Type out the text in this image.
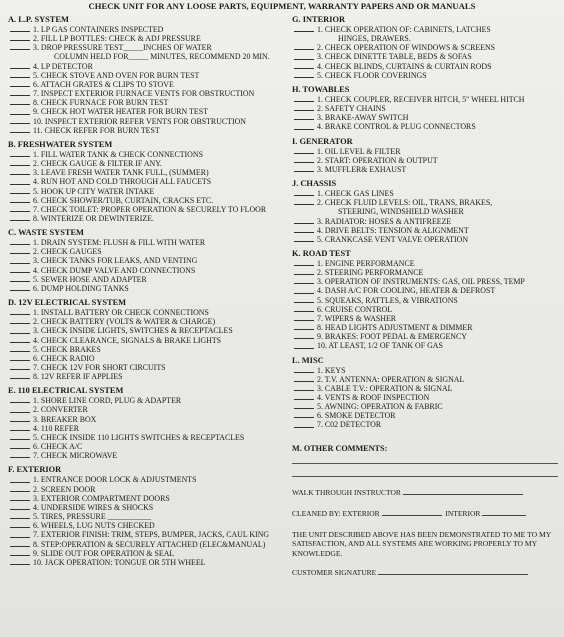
CHECK UNIT FOR ANY LOOSE PARTS, EQUIPMENT, WARRANTY PAPERS AND OR MANUALS
A. L.P. SYSTEM
1. LP GAS CONTAINERS INSPECTED
2. FILL LP BOTTLES: CHECK & ADJ PRESSURE
3. DROP PRESSURE TEST_____INCHES OF WATER
COLUMN HELD FOR_____ MINUTES, RECOMMEND 20 MIN.
4. LP DETECTOR
5. CHECK STOVE AND OVEN FOR BURN TEST
6. ATTACH GRATES & CLIPS TO STOVE
7. INSPECT EXTERIOR FURNACE VENTS FOR OBSTRUCTION
8. CHECK FURNACE FOR BURN TEST
9. CHECK HOT WATER HEATER FOR BURN TEST
10. INSPECT EXTERIOR REFER VENTS FOR OBSTRUCTION
11. CHECK REFER FOR BURN TEST
B. FRESHWATER SYSTEM
1. FILL WATER TANK & CHECK CONNECTIONS
2. CHECK GAUGE & FILTER IF ANY.
3. LEAVE FRESH WATER TANK FULL, (SUMMER)
4. RUN HOT AND COLD THROUGH ALL FAUCETS
5. HOOK UP CITY WATER INTAKE
6. CHECK SHOWER/TUB, CURTAIN, CRACKS ETC.
7. CHECK TOILET: PROPER OPERATION & SECURELY TO FLOOR
8. WINTERIZE OR DEWINTERIZE.
C. WASTE SYSTEM
1. DRAIN SYSTEM: FLUSH & FILL WITH WATER
2. CHECK GAUGES
3. CHECK TANKS FOR LEAKS, AND VENTING
4. CHECK DUMP VALVE AND CONNECTIONS
5. SEWER HOSE AND ADAPTER
6. DUMP HOLDING TANKS
D. 12V ELECTRICAL SYSTEM
1. INSTALL BATTERY OR CHECK CONNECTIONS
2. CHECK BATTERY (VOLTS & WATER & CHARGE)
3. CHECK INSIDE LIGHTS, SWITCHES & RECEPTACLES
4. CHECK CLEARANCE, SIGNALS & BRAKE LIGHTS
5. CHECK BRAKES
6. CHECK RADIO
7. CHECK 12V FOR SHORT CIRCUITS
8. 12V REFER IF APPLIES
E. 110 ELECTRICAL SYSTEM
1. SHORE LINE CORD, PLUG & ADAPTER
2. CONVERTER
3. BREAKER BOX
4. 110 REFER
5. CHECK INSIDE 110 LIGHTS SWITCHES & RECEPTACLES
6. CHECK A/C
7. CHECK MICROWAVE
F. EXTERIOR
1. ENTRANCE DOOR LOCK & ADJUSTMENTS
2. SCREEN DOOR
3. EXTERIOR COMPARTMENT DOORS
4. UNDERSIDE WIRES & SHOCKS
5. TIRES, PRESSURE ___________
6. WHEELS, LUG NUTS CHECKED
7. EXTERIOR FINISH: TRIM, STEPS, BUMPER, JACKS, CAUL KING
8. STEP:OPERATION & SECURELY ATTACHED (ELEC&MANUAL)
9. SLIDE OUT FOR OPERATION & SEAL
10. JACK OPERATION: TONGUE OR 5TH WHEEL
G. INTERIOR
1. CHECK OPERATION OF: CABINETS, LATCHES
HINGES, DRAWERS.
2. CHECK OPERATION OF WINDOWS & SCREENS
3. CHECK DINETTE TABLE, BEDS & SOFAS
4. CHECK BLINDS, CURTAINS & CURTAIN RODS
5. CHECK FLOOR COVERINGS
H. TOWABLES
1. CHECK COUPLER, RECEIVER HITCH, 5" WHEEL HITCH
2. SAFETY CHAINS
3. BRAKE-AWAY SWITCH
4. BRAKE CONTROL & PLUG CONNECTORS
I. GENERATOR
1. OIL LEVEL & FILTER
2. START: OPERATION & OUTPUT
3. MUFFLER& EXHAUST
J. CHASSIS
1. CHECK GAS LINES
2. CHECK FLUID LEVELS: OIL, TRANS, BRAKES,
STEERING, WINDSHIELD WASHER
3. RADIATOR: HOSES & ANTIFREEZE
4. DRIVE BELTS: TENSION & ALIGNMENT
5. CRANKCASE VENT VALVE OPERATION
K. ROAD TEST
1. ENGINE PERFORMANCE
2. STEERING PERFORMANCE
3. OPERATION OF INSTRUMENTS: GAS, OIL PRESS, TEMP
4. DASH A/C FOR COOLING, HEATER & DEFROST
5. SQUEAKS, RATTLES, & VIBRATIONS
6. CRUISE CONTROL
7. WIPERS & WASHER
8. HEAD LIGHTS ADJUSTMENT & DIMMER
9. BRAKES: FOOT PEDAL & EMERGENCY
10. AT LEAST, 1/2 OF TANK OF GAS
L. MISC
1. KEYS
2. T.V. ANTENNA: OPERATION & SIGNAL
3. CABLE T.V.: OPERATION & SIGNAL
4. VENTS & ROOF INSPECTION
5. AWNING: OPERATION & FABRIC
6. SMOKE DETECTOR
7. C02 DETECTOR
M. OTHER COMMENTS:
WALK THROUGH INSTRUCTOR
CLEANED BY: EXTERIOR	INTERIOR
THE UNIT DESCRIBED ABOVE HAS BEEN DEMONSTRATED TO ME TO MY SATISFACTION, AND ALL SYSTEMS ARE WORKING PROPERLY TO MY KNOWLEDGE.
CUSTOMER SIGNATURE
